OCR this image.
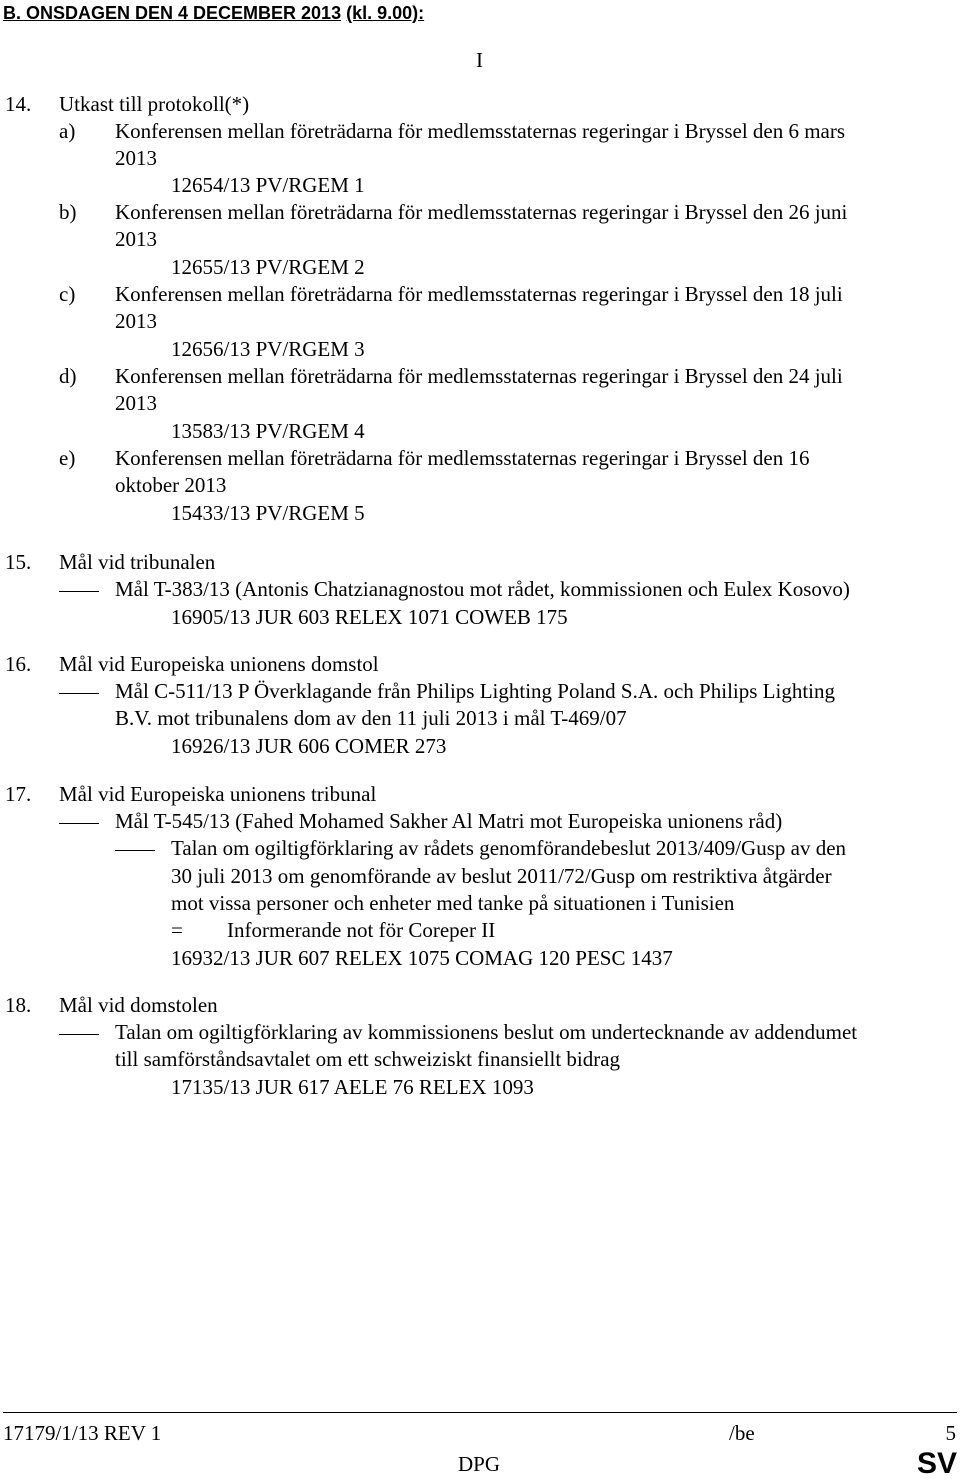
B. ONSDAGEN DEN 4 DECEMBER 2013 (kl. 9.00):
I
14. Utkast till protokoll(*)
a) Konferensen mellan företrädarna för medlemsstaternas regeringar i Bryssel den 6 mars
2013
12654/13 PV/RGEM 1
b) Konferensen mellan företrädarna för medlemsstaternas regeringar i Bryssel den 26 juni
2013
12655/13 PV/RGEM 2
c) Konferensen mellan företrädarna för medlemsstaternas regeringar i Bryssel den 18 juli
2013
12656/13 PV/RGEM 3
d) Konferensen mellan företrädarna för medlemsstaternas regeringar i Bryssel den 24 juli
2013
13583/13 PV/RGEM 4
e) Konferensen mellan företrädarna för medlemsstaternas regeringar i Bryssel den 16
oktober 2013
15433/13 PV/RGEM 5
15. Mål vid tribunalen
Mål T-383/13 (Antonis Chatzianagnostou mot rådet, kommissionen och Eulex Kosovo)
16905/13 JUR 603 RELEX 1071 COWEB 175
16. Mål vid Europeiska unionens domstol
Mål C-511/13 P Överklagande från Philips Lighting Poland S.A. och Philips Lighting
B.V. mot tribunalens dom av den 11 juli 2013 i mål T-469/07
16926/13 JUR 606 COMER 273
17. Mål vid Europeiska unionens tribunal
Mål T-545/13 (Fahed Mohamed Sakher Al Matri mot Europeiska unionens råd)
Talan om ogiltigförklaring av rådets genomförandebeslut 2013/409/Gusp av den
30 juli 2013 om genomförande av beslut 2011/72/Gusp om restriktiva åtgärder
mot vissa personer och enheter med tanke på situationen i Tunisien
= Informerande not för Coreper II
16932/13 JUR 607 RELEX 1075 COMAG 120 PESC 1437
18. Mål vid domstolen
Talan om ogiltigförklaring av kommissionens beslut om undertecknande av addendumet
till samförståndsavtalet om ett schweiziskt finansiellt bidrag
17135/13 JUR 617 AELE 76 RELEX 1093
17179/1/13 REV 1	/be	5
DPG	SV
